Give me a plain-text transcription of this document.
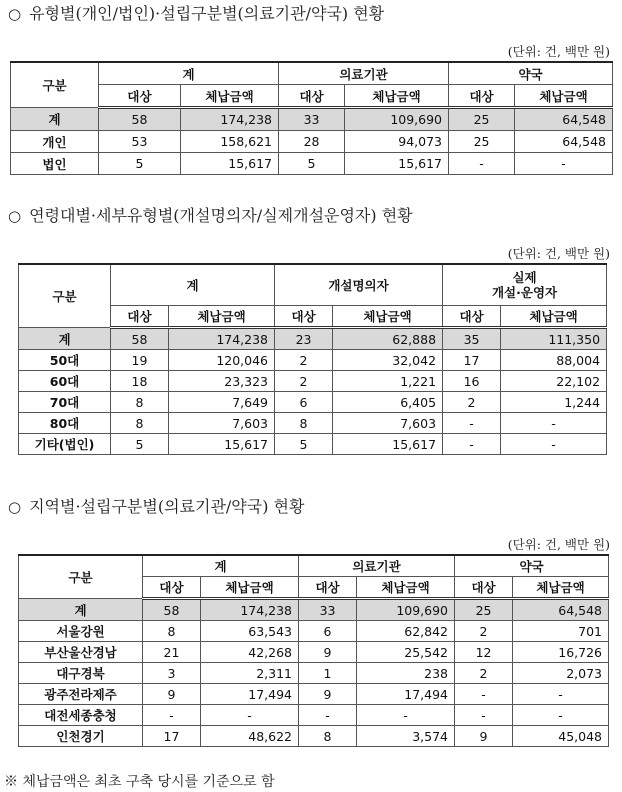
○ 유형별(개인/법인)·설립구분별(의료기관/약국) 현황
(단위: 건, 백만 원)
구분	계		의료기관		약국	
	대상	체납금액	대상	체납금액	대상	체납금액
계	58	174,238	33	109,690	25	64,548
개인	53	158,621	28	94,073	25	64,548
법인	5	15,617	5	15,617	-	-
○ 연령대별·세부유형별(개설명의자/실제개설운영자) 현황
(단위: 건, 백만 원)
구분	계		개설명의자		실제
개설·운영자	

	대상	체납금액	대상	체납금액	대상	체납금액
계	58	174,238	23	62,888	35	111,350
50대	19	120,046	2	32,042	17	88,004
60대	18	23,323	2	1,221	16	22,102
70대	8	7,649	6	6,405	2	1,244
80대	8	7,603	8	7,603	-	-
기타(법인)	5	15,617	5	15,617	-	-
○ 지역별·설립구분별(의료기관/약국) 현황
(단위: 건, 백만 원)
구분	계		의료기관		약국	
	대상	체납금액	대상	체납금액	대상	체납금액
계	58	174,238	33	109,690	25	64,548
서울강원	8	63,543	6	62,842	2	701
부산울산경남	21	42,268	9	25,542	12	16,726
대구경북	3	2,311	1	238	2	2,073
광주전라제주	9	17,494	9	17,494	-	-
대전세종충청	-	-	-	-	-	-
인천경기	17	48,622	8	3,574	9	45,048
※ 체납금액은 최초 구축 당시를 기준으로 함
